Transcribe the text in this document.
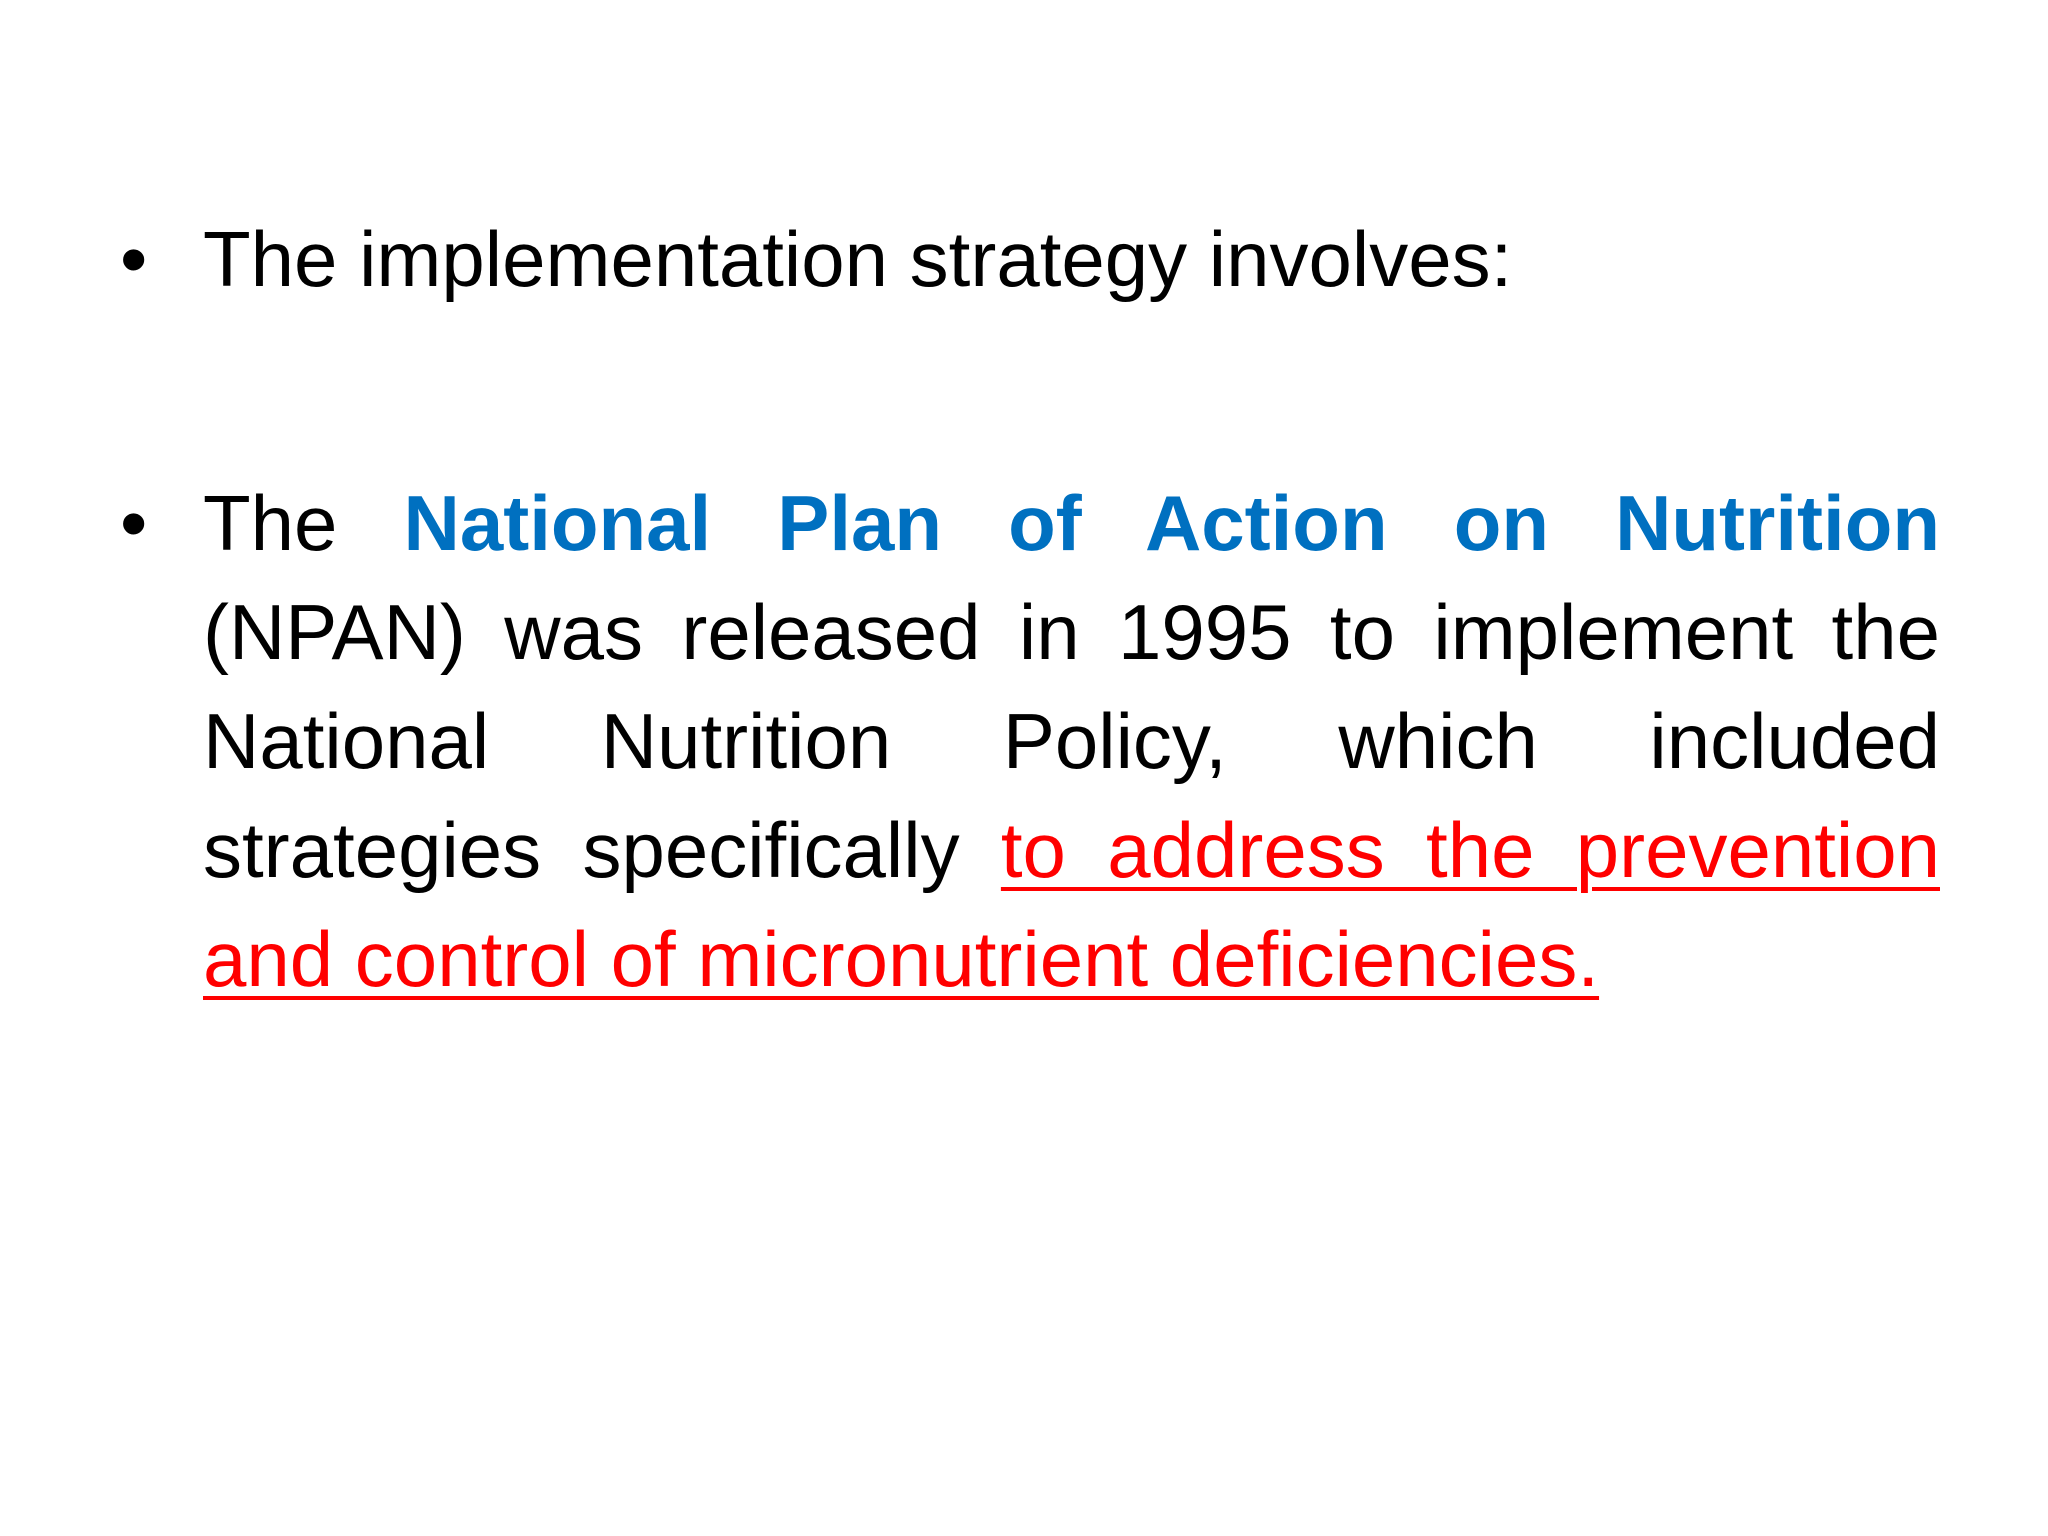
• The implementation strategy involves:
• The National Plan of Action on Nutrition (NPAN) was released in 1995 to implement the National Nutrition Policy, which included strategies specifically to address the prevention and control of micronutrient deficiencies.
